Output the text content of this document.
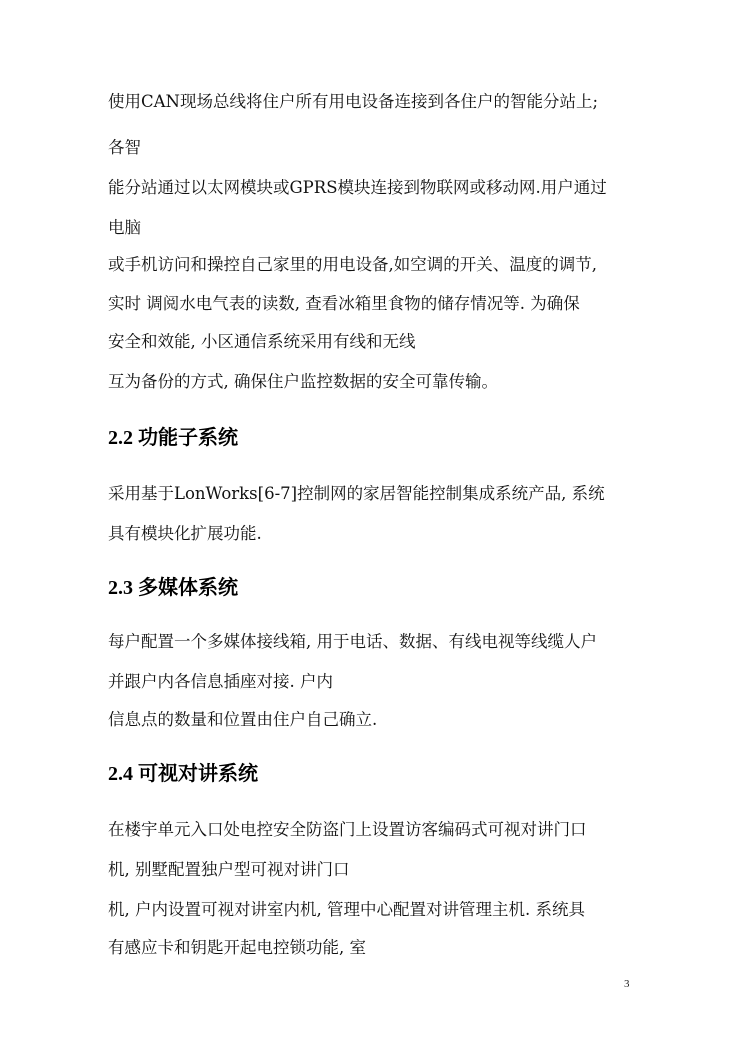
使用CAN现场总线将住户所有用电设备连接到各住户的智能分站上;
各智
能分站通过以太网模块或GPRS模块连接到物联网或移动网.用户通过
电脑
或手机访问和操控自己家里的用电设备,如空调的开关、温度的调节,
实时 调阅水电气表的读数, 查看冰箱里食物的储存情况等. 为确保
安全和效能, 小区通信系统采用有线和无线
互为备份的方式, 确保住户监控数据的安全可靠传输。
2.2 功能子系统
采用基于LonWorks[6-7]控制网的家居智能控制集成系统产品, 系统
具有模块化扩展功能.
2.3 多媒体系统
每户配置一个多媒体接线箱, 用于电话、数据、有线电视等线缆人户
并跟户内各信息插座对接. 户内
信息点的数量和位置由住户自己确立.
2.4 可视对讲系统
在楼宇单元入口处电控安全防盗门上设置访客编码式可视对讲门口
机, 别墅配置独户型可视对讲门口
机, 户内设置可视对讲室内机, 管理中心配置对讲管理主机. 系统具
有感应卡和钥匙开起电控锁功能, 室
3
